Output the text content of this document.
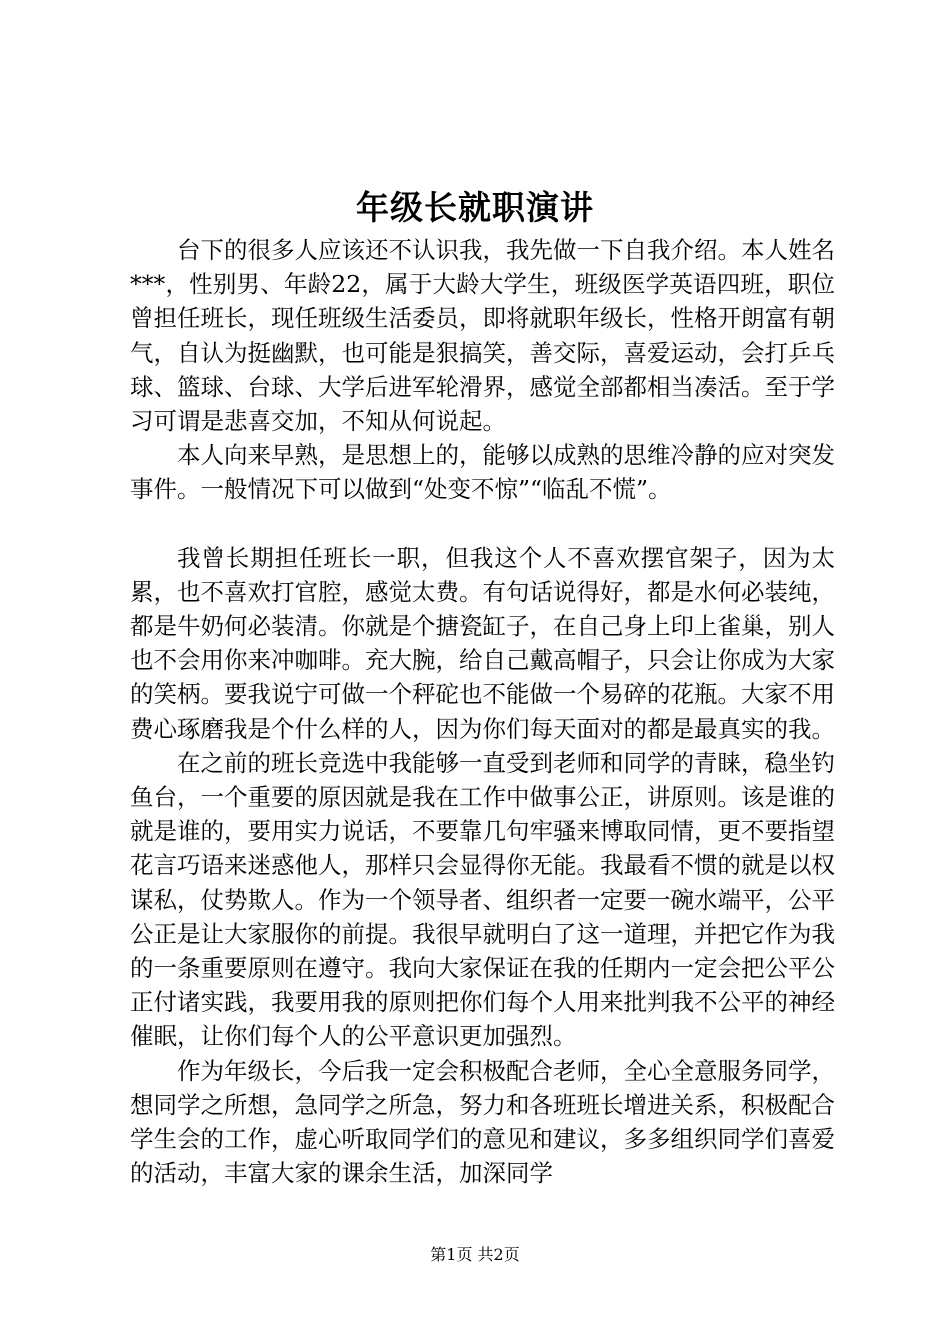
年级长就职演讲

台下的很多人应该还不认识我，我先做一下自我介绍。本人姓名***，性别男、年龄22，属于大龄大学生，班级医学英语四班，职位曾担任班长，现任班级生活委员，即将就职年级长，性格开朗富有朝气，自认为挺幽默，也可能是狠搞笑，善交际，喜爱运动，会打乒乓球、篮球、台球、大学后进军轮滑界，感觉全部都相当凑活。至于学习可谓是悲喜交加，不知从何说起。

本人向来早熟，是思想上的，能够以成熟的思维冷静的应对突发事件。一般情况下可以做到“处变不惊”“临乱不慌”。

我曾长期担任班长一职，但我这个人不喜欢摆官架子，因为太累，也不喜欢打官腔，感觉太费。有句话说得好，都是水何必装纯，都是牛奶何必装清。你就是个搪瓷缸子，在自己身上印上雀巢，别人也不会用你来冲咖啡。充大腕，给自己戴高帽子，只会让你成为大家的笑柄。要我说宁可做一个秤砣也不能做一个易碎的花瓶。大家不用费心琢磨我是个什么样的人，因为你们每天面对的都是最真实的我。

在之前的班长竞选中我能够一直受到老师和同学的青睐，稳坐钓鱼台，一个重要的原因就是我在工作中做事公正，讲原则。该是谁的就是谁的，要用实力说话，不要靠几句牢骚来博取同情，更不要指望花言巧语来迷惑他人，那样只会显得你无能。我最看不惯的就是以权谋私，仗势欺人。作为一个领导者、组织者一定要一碗水端平，公平公正是让大家服你的前提。我很早就明白了这一道理，并把它作为我的一条重要原则在遵守。我向大家保证在我的任期内一定会把公平公正付诸实践，我要用我的原则把你们每个人用来批判我不公平的神经催眠，让你们每个人的公平意识更加强烈。

作为年级长，今后我一定会积极配合老师，全心全意服务同学，想同学之所想，急同学之所急，努力和各班班长增进关系，积极配合学生会的工作，虚心听取同学们的意见和建议，多多组织同学们喜爱的活动，丰富大家的课余生活，加深同学

第1页 共2页
